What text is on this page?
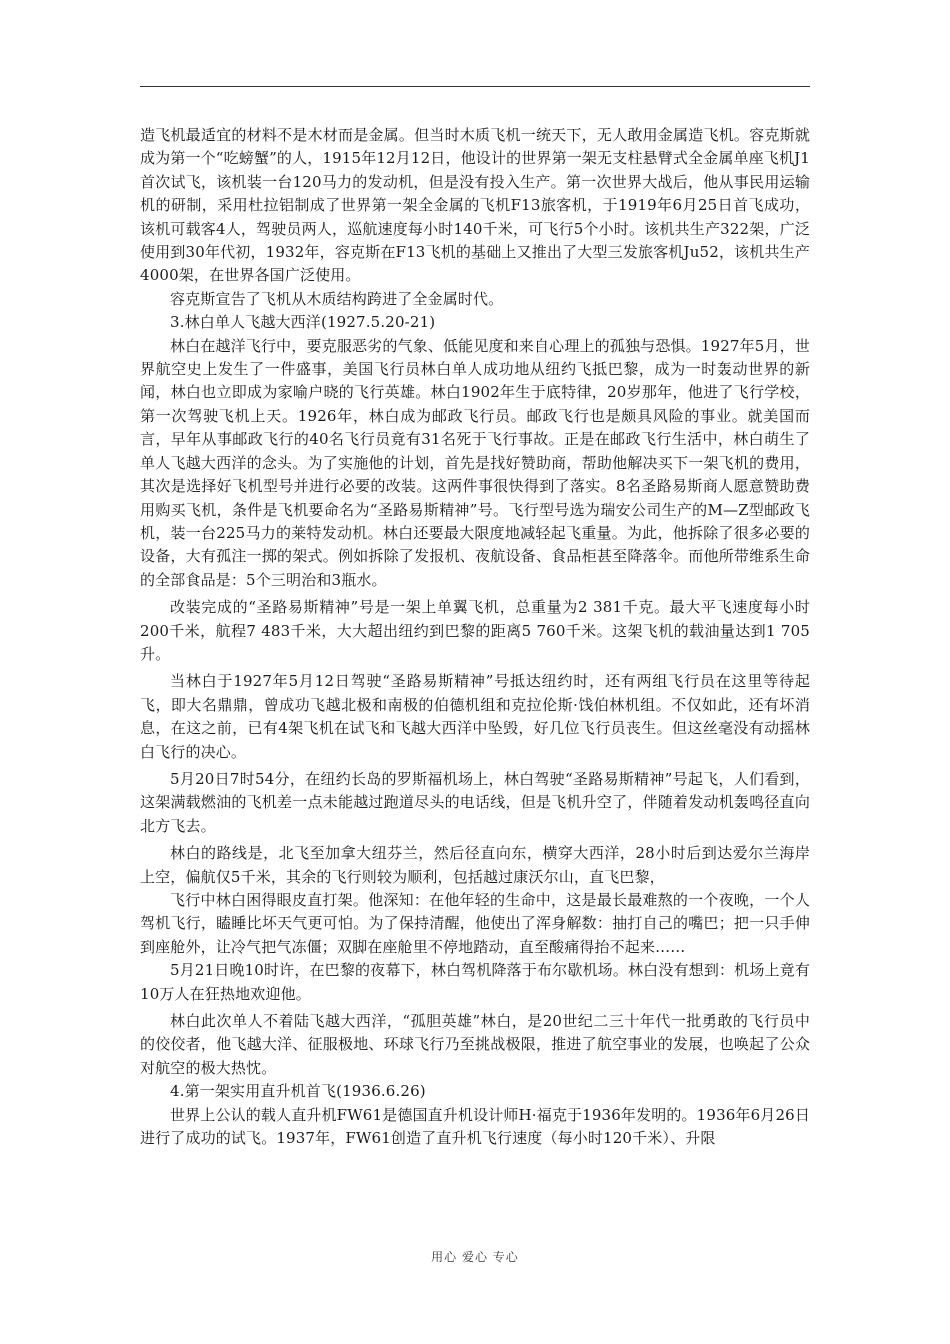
造飞机最适宜的材料不是木材而是金属。但当时木质飞机一统天下，无人敢用金属造飞机。容克斯就成为第一个“吃螃蟹”的人，1915年12月12日，他设计的世界第一架无支柱悬臂式全金属单座飞机J1首次试飞，该机装一台120马力的发动机，但是没有投入生产。第一次世界大战后，他从事民用运输机的研制，采用杜拉铝制成了世界第一架全金属的飞机F13旅客机，于1919年6月25日首飞成功，该机可载客4人，驾驶员两人，巡航速度每小时140千米，可飞行5个小时。该机共生产322架，广泛使用到30年代初，1932年，容克斯在F13飞机的基础上又推出了大型三发旅客机Ju52，该机共生产4000架，在世界各国广泛使用。

容克斯宣告了飞机从木质结构跨进了全金属时代。

3.林白单人飞越大西洋(1927.5.20-21)

林白在越洋飞行中，要克服恶劣的气象、低能见度和来自心理上的孤独与恐惧。1927年5月，世界航空史上发生了一件盛事，美国飞行员林白单人成功地从纽约飞抵巴黎，成为一时轰动世界的新闻，林白也立即成为家喻户晓的飞行英雄。林白1902年生于底特律，20岁那年，他进了飞行学校，第一次驾驶飞机上天。1926年，林白成为邮政飞行员。邮政飞行也是颇具风险的事业。就美国而言，早年从事邮政飞行的40名飞行员竟有31名死于飞行事故。正是在邮政飞行生活中，林白萌生了单人飞越大西洋的念头。为了实施他的计划，首先是找好赞助商，帮助他解决买下一架飞机的费用，其次是选择好飞机型号并进行必要的改装。这两件事很快得到了落实。8名圣路易斯商人愿意赞助费用购买飞机，条件是飞机要命名为“圣路易斯精神”号。飞行型号选为瑞安公司生产的M—Z型邮政飞机，装一台225马力的莱特发动机。林白还要最大限度地减轻起飞重量。为此，他拆除了很多必要的设备，大有孤注一掷的架式。例如拆除了发报机、夜航设备、食品柜甚至降落伞。而他所带维系生命的全部食品是：5个三明治和3瓶水。

改装完成的“圣路易斯精神”号是一架上单翼飞机，总重量为2 381千克。最大平飞速度每小时200千米，航程7 483千米，大大超出纽约到巴黎的距离5 760千米。这架飞机的载油量达到1 705升。

当林白于1927年5月12日驾驶“圣路易斯精神”号抵达纽约时，还有两组飞行员在这里等待起飞，即大名鼎鼎，曾成功飞越北极和南极的伯德机组和克拉伦斯·饯伯林机组。不仅如此，还有坏消息，在这之前，已有4架飞机在试飞和飞越大西洋中坠毁，好几位飞行员丧生。但这丝毫没有动摇林白飞行的决心。

5月20日7时54分，在纽约长岛的罗斯福机场上，林白驾驶“圣路易斯精神”号起飞，人们看到，这架满载燃油的飞机差一点未能越过跑道尽头的电话线，但是飞机升空了，伴随着发动机轰鸣径直向北方飞去。

林白的路线是，北飞至加拿大纽芬兰，然后径直向东，横穿大西洋，28小时后到达爱尔兰海岸上空，偏航仅5千米，其余的飞行则较为顺利，包括越过康沃尔山，直飞巴黎，

飞行中林白困得眼皮直打架。他深知：在他年轻的生命中，这是最长最难熬的一个夜晚，一个人驾机飞行，瞌睡比坏天气更可怕。为了保持清醒，他使出了浑身解数：抽打自己的嘴巴；把一只手伸到座舱外，让冷气把气冻僵；双脚在座舱里不停地踏动，直至酸痛得抬不起来……

5月21日晚10时许，在巴黎的夜幕下，林白驾机降落于布尔歇机场。林白没有想到：机场上竟有10万人在狂热地欢迎他。

林白此次单人不着陆飞越大西洋，“孤胆英雄”林白，是20世纪二三十年代一批勇敢的飞行员中的佼佼者，他飞越大洋、征服极地、环球飞行乃至挑战极限，推进了航空事业的发展，也唤起了公众对航空的极大热忱。

4.第一架实用直升机首飞(1936.6.26)

世界上公认的载人直升机FW61是德国直升机设计师H·福克于1936年发明的。1936年6月26日进行了成功的试飞。1937年，FW61创造了直升机飞行速度（每小时120千米）、升限

用心 爱心 专心
